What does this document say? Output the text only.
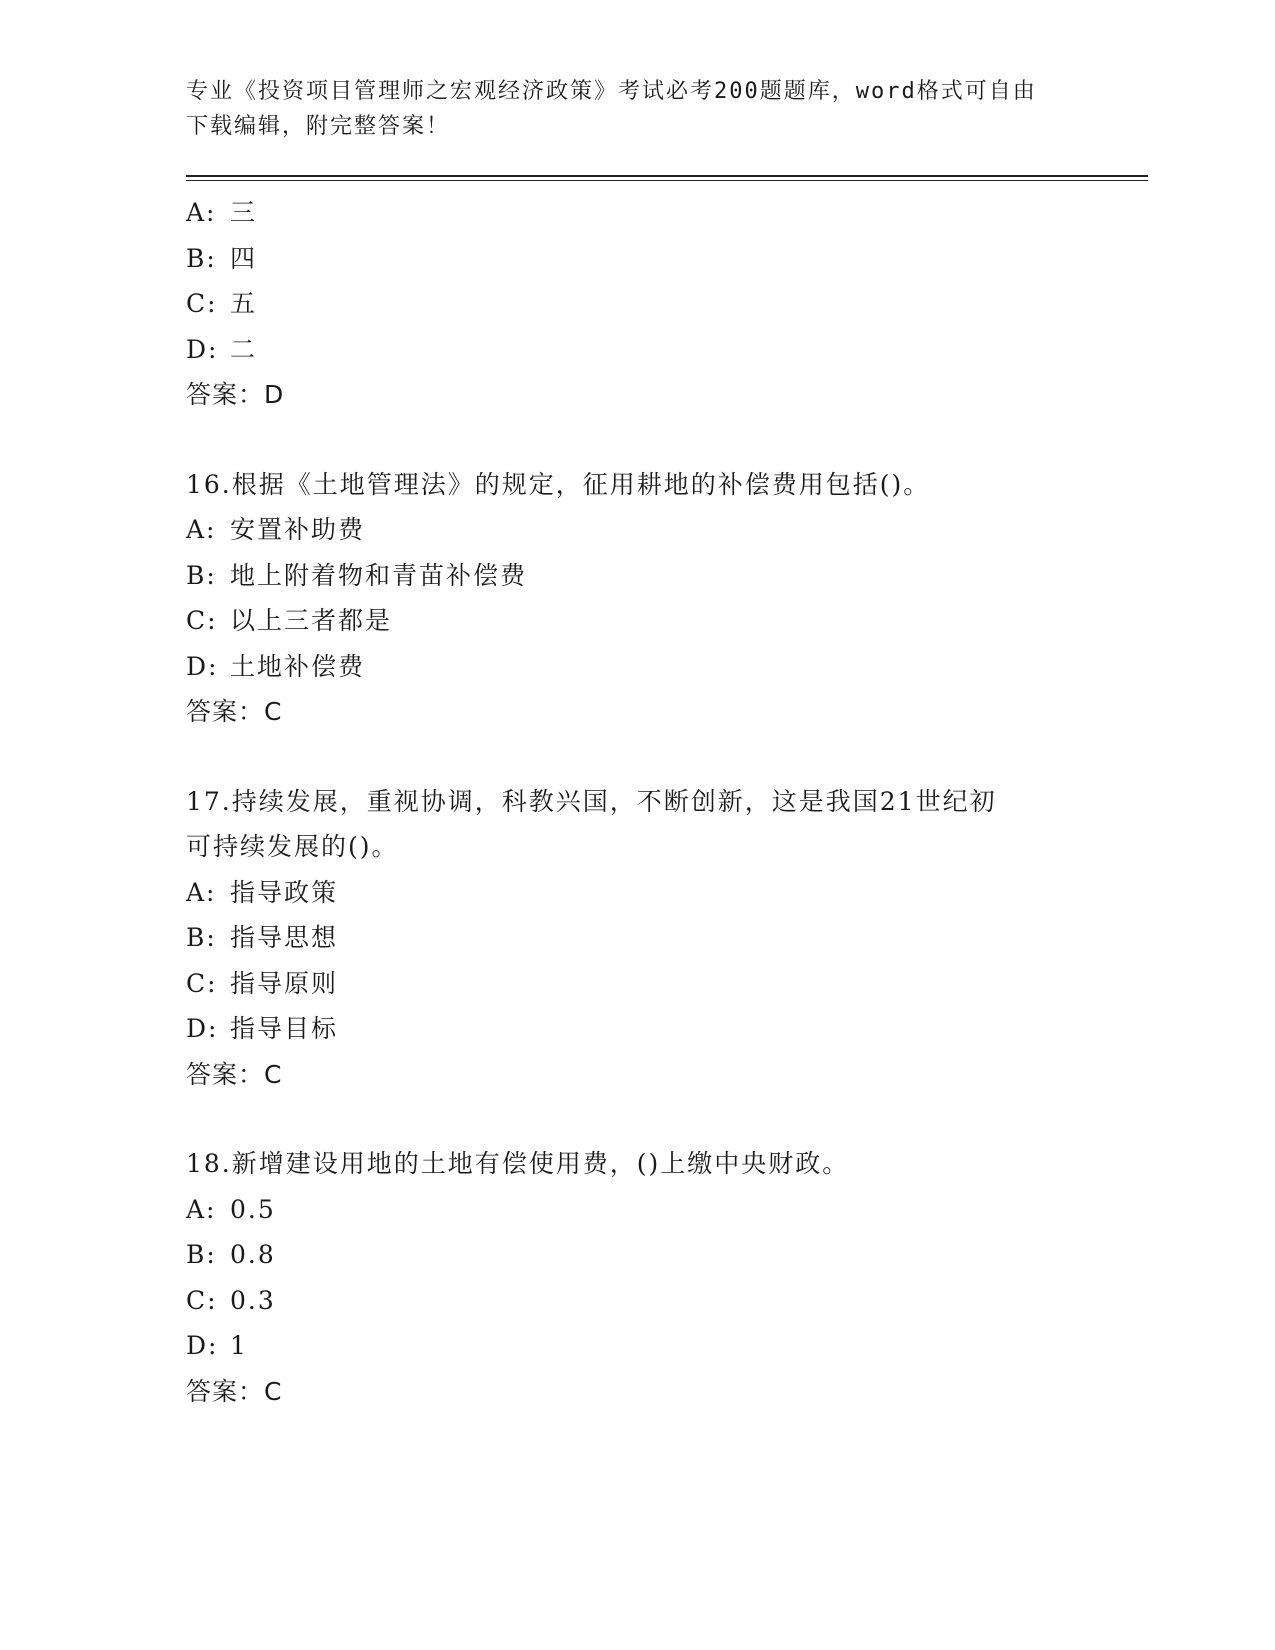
专业《投资项目管理师之宏观经济政策》考试必考200题题库，word格式可自由
下载编辑，附完整答案！
A: 三
B: 四
C: 五
D: 二
答案：D
16.根据《土地管理法》的规定，征用耕地的补偿费用包括()。
A: 安置补助费
B: 地上附着物和青苗补偿费
C: 以上三者都是
D: 土地补偿费
答案：C
17.持续发展，重视协调，科教兴国，不断创新，这是我国21世纪初
可持续发展的()。
A: 指导政策
B: 指导思想
C: 指导原则
D: 指导目标
答案：C
18.新增建设用地的土地有偿使用费，()上缴中央财政。
A: 0.5
B: 0.8
C: 0.3
D: 1
答案：C
